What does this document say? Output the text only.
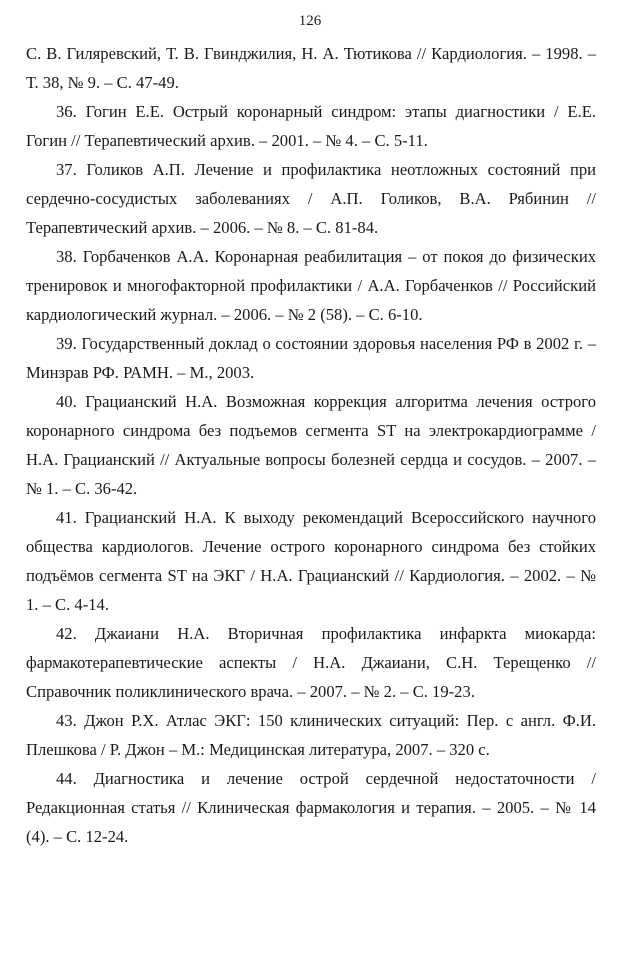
126

С. В. Гиляревский, Т. В. Гвинджилия, Н. А. Тютикова // Кардиология. – 1998. – Т. 38, № 9. – С. 47-49.

36. Гогин Е.Е. Острый коронарный синдром: этапы диагностики / Е.Е. Гогин // Терапевтический архив. – 2001. – № 4. – С. 5-11.

37. Голиков А.П. Лечение и профилактика неотложных состояний при сердечно-сосудистых заболеваниях / А.П. Голиков, В.А. Рябинин // Терапевтический архив. – 2006. – № 8. – С. 81-84.

38. Горбаченков А.А. Коронарная реабилитация – от покоя до физических тренировок и многофакторной профилактики / А.А. Горбаченков // Российский кардиологический журнал. – 2006. – № 2 (58). – С. 6-10.

39. Государственный доклад о состоянии здоровья населения РФ в 2002 г. – Минзрав РФ. РАМН. – М., 2003.

40. Грацианский Н.А. Возможная коррекция алгоритма лечения острого коронарного синдрома без подъемов сегмента ST на электрокардиограмме / Н.А. Грацианский // Актуальные вопросы болезней сердца и сосудов. – 2007. – № 1. – С. 36-42.

41. Грацианский Н.А. К выходу рекомендаций Всероссийского научного общества кардиологов. Лечение острого коронарного синдрома без стойких подъёмов сегмента ST на ЭКГ / Н.А. Грацианский // Кардиология. – 2002. – № 1. – С. 4-14.

42. Джаиани Н.А. Вторичная профилактика инфаркта миокарда: фармакотерапевтические аспекты / Н.А. Джаиани, С.Н. Терещенко // Справочник поликлинического врача. – 2007. – № 2. – С. 19-23.

43. Джон Р.Х. Атлас ЭКГ: 150 клинических ситуаций: Пер. с англ. Ф.И. Плешкова / Р. Джон – М.: Медицинская литература, 2007. – 320 с.

44. Диагностика и лечение острой сердечной недостаточности / Редакционная статья // Клиническая фармакология и терапия. – 2005. – № 14 (4). – С. 12-24.
